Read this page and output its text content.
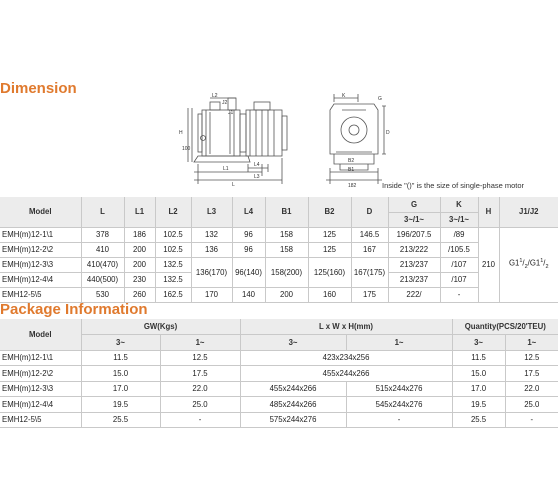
Dimension	L2
J2
J1
H
100
L1
L
L4
L3
K
D
G
B2
B1
182	Inside "()" is the size of single-phase motor
Model	L	L1	L2	L3	L4	B1	B2	D	G	K	H	J1/J2
									3~/1~	3~/1~		
EMH(m)12-1\1	378	186	102.5	132	96	158	125	146.5	196/207.5	/89	210	$G1^1/_2/G1^1/_2$
EMH(m)12-2\2	410	200	102.5	136	96	158	125	167	213/222	/105.5		
EMH(m)12-3\3	410(470)	200	132.5	136(170)	96(140)	158(200)	125(160)	167(175)	213/237	/107		
EMH(m)12-4\4	440(500)	230	132.5						213/237	/107		
EMH12-5\5	530	260	162.5	170	140	200	160	175	222/	-		
Package Information
Model	GW(Kgs)		L x W x H(mm)		Quantity(PCS/20'TEU)	
	3~	1~	3~	1~	3~	1~
EMH(m)12-1\1	11.5	12.5	423x234x256		11.5	12.5
EMH(m)12-2\2	15.0	17.5	455x244x266		15.0	17.5
EMH(m)12-3\3	17.0	22.0	455x244x266	515x244x276	17.0	22.0
EMH(m)12-4\4	19.5	25.0	485x244x266	545x244x276	19.5	25.0
EMH12-5\5	25.5	-	575x244x276	-	25.5	-
